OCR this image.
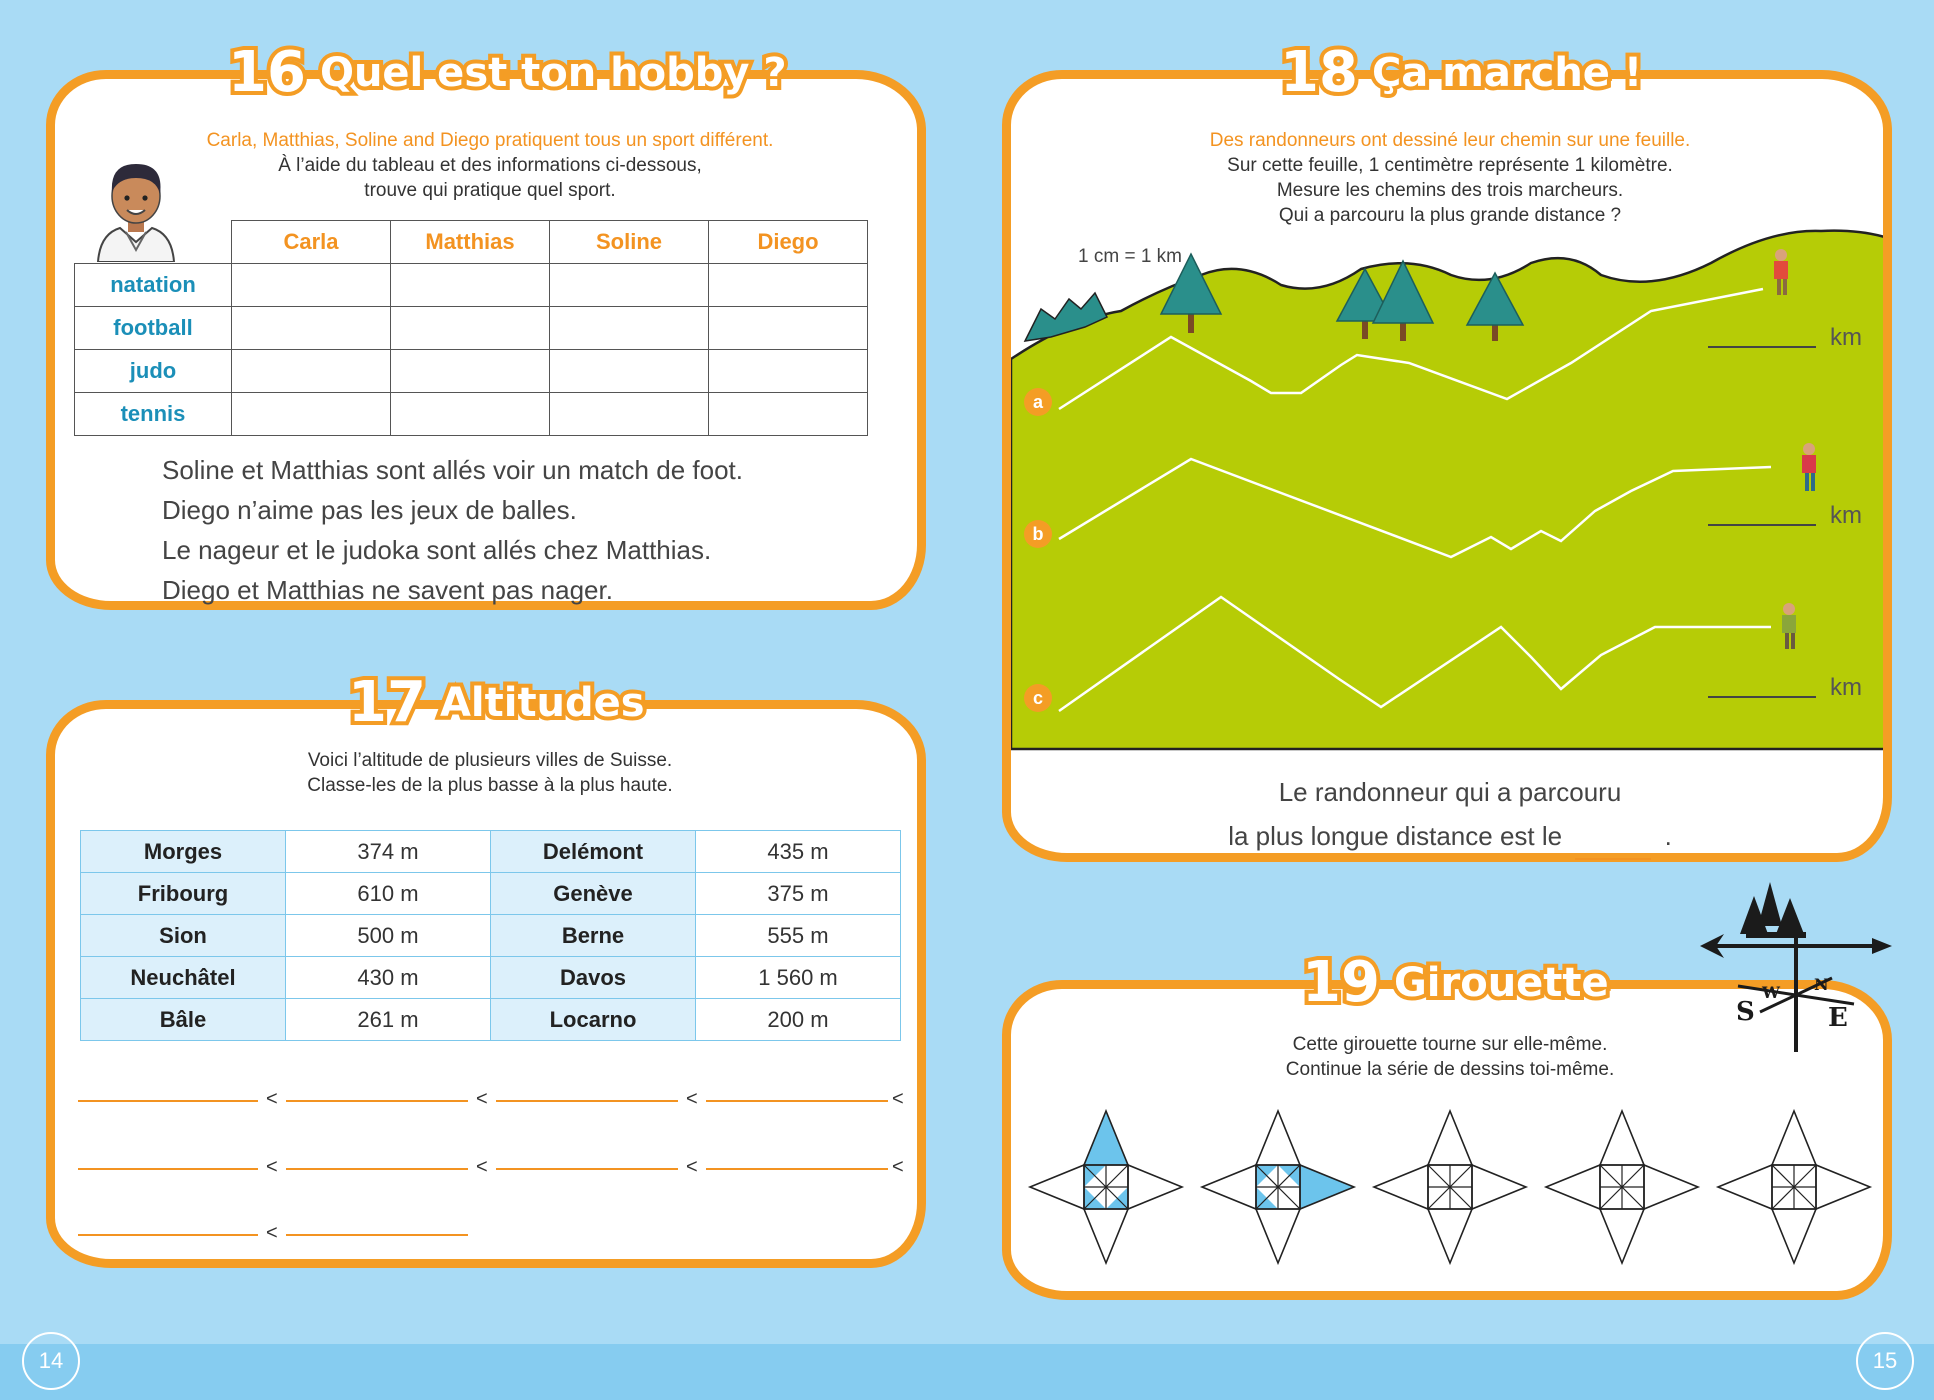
14	15
16 Quel est ton hobby ?
Carla, Matthias, Soline and Diego pratiquent tous un sport différent.
À l’aide du tableau et des informations ci-dessous,
trouve qui pratique quel sport.
	Carla	Matthias	Soline	Diego
natation				
football				
judo				
tennis				
Soline et Matthias sont allés voir un match de foot.
Diego n’aime pas les jeux de balles.
Le nageur et le judoka sont allés chez Matthias.
Diego et Matthias ne savent pas nager.
17 Altitudes
Voici l’altitude de plusieurs villes de Suisse.
Classe-les de la plus basse à la plus haute.
Morges	374 m	Delémont	435 m
Fribourg	610 m	Genève	375 m
Sion	500 m	Berne	555 m
Neuchâtel	430 m	Davos	1 560 m
Bâle	261 m	Locarno	200 m
<	<	<	<
<	<	<	<
<
18 Ça marche !
Des randonneurs ont dessiné leur chemin sur une feuille.
Sur cette feuille, 1 centimètre représente 1 kilomètre.
Mesure les chemins des trois marcheurs.
Qui a parcouru la plus grande distance ?
1 cm = 1 km
a
b
c
km
km
km
Le randonneur qui a parcouru
la plus longue distance est le	.
19 Girouette
Cette girouette tourne sur elle-même.
Continue la série de dessins toi-même.
S
W N
E
